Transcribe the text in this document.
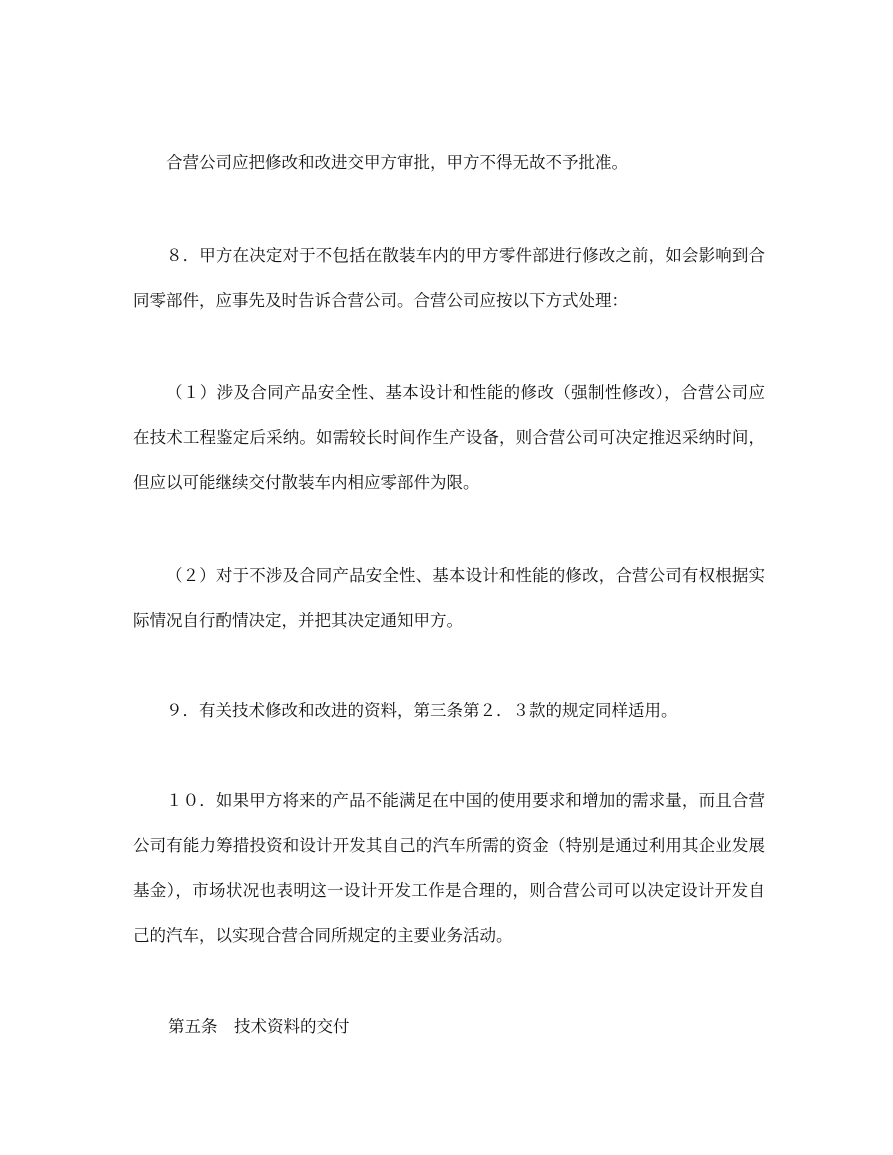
合营公司应把修改和改进交甲方审批，甲方不得无故不予批准。

８．甲方在决定对于不包括在散装车内的甲方零件部进行修改之前，如会影响到合同零部件，应事先及时告诉合营公司。合营公司应按以下方式处理：

（１）涉及合同产品安全性、基本设计和性能的修改（强制性修改），合营公司应在技术工程鉴定后采纳。如需较长时间作生产设备，则合营公司可决定推迟采纳时间，但应以可能继续交付散装车内相应零部件为限。

（２）对于不涉及合同产品安全性、基本设计和性能的修改，合营公司有权根据实际情况自行酌情决定，并把其决定通知甲方。

９．有关技术修改和改进的资料，第三条第２．３款的规定同样适用。

１０．如果甲方将来的产品不能满足在中国的使用要求和增加的需求量，而且合营公司有能力筹措投资和设计开发其自己的汽车所需的资金（特别是通过利用其企业发展基金），市场状况也表明这一设计开发工作是合理的，则合营公司可以决定设计开发自己的汽车，以实现合营合同所规定的主要业务活动。

第五条　技术资料的交付
